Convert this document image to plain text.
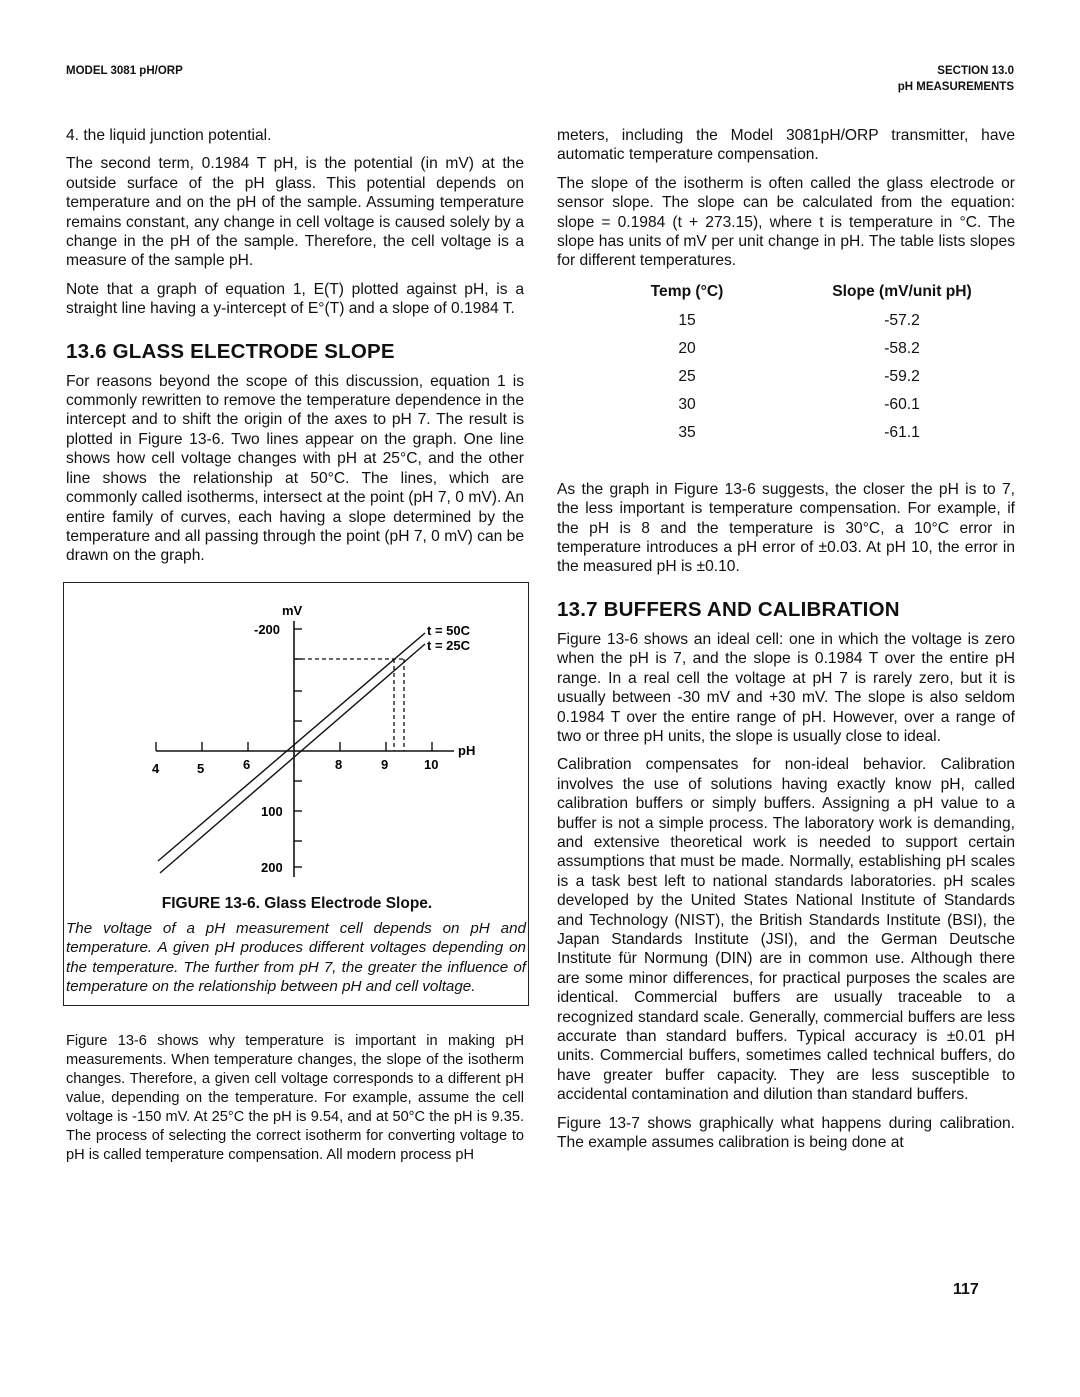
MODEL 3081 pH/ORP	SECTION 13.0
pH MEASUREMENTS

4. the liquid junction potential.

The second term, 0.1984 T pH, is the potential (in mV) at the outside surface of the pH glass. This potential depends on temperature and on the pH of the sample. Assuming temperature remains constant, any change in cell voltage is caused solely by a change in the pH of the sample. Therefore, the cell voltage is a measure of the sample pH.

Note that a graph of equation 1, E(T) plotted against pH, is a straight line having a y-intercept of E°(T) and a slope of 0.1984 T.

13.6 GLASS ELECTRODE SLOPE

For reasons beyond the scope of this discussion, equation 1 is commonly rewritten to remove the temperature dependence in the intercept and to shift the origin of the axes to pH 7. The result is plotted in Figure 13-6. Two lines appear on the graph. One line shows how cell voltage changes with pH at 25°C, and the other line shows the relationship at 50°C. The lines, which are commonly called isotherms, intersect at the point (pH 7, 0 mV). An entire family of curves, each having a slope determined by the temperature and all passing through the point (pH 7, 0 mV) can be drawn on the graph.

mV
-200
100
200
pH
4	5	6	8	9	10
t = 50C
t = 25C
FIGURE 13-6. Glass Electrode Slope.
The voltage of a pH measurement cell depends on pH and temperature. A given pH produces different voltages depending on the temperature. The further from pH 7, the greater the influence of temperature on the relationship between pH and cell voltage.

Figure 13-6 shows why temperature is important in making pH measurements. When temperature changes, the slope of the isotherm changes. Therefore, a given cell voltage corresponds to a different pH value, depending on the temperature. For example, assume the cell voltage is -150 mV. At 25°C the pH is 9.54, and at 50°C the pH is 9.35. The process of selecting the correct isotherm for converting voltage to pH is called temperature compensation. All modern process pH

meters, including the Model 3081pH/ORP transmitter, have automatic temperature compensation.

The slope of the isotherm is often called the glass electrode or sensor slope. The slope can be calculated from the equation: slope = 0.1984 (t + 273.15), where t is temperature in °C. The slope has units of mV per unit change in pH. The table lists slopes for different temperatures.

Temp (°C)	Slope (mV/unit pH)
15	-57.2
20	-58.2
25	-59.2
30	-60.1
35	-61.1

As the graph in Figure 13-6 suggests, the closer the pH is to 7, the less important is temperature compensation. For example, if the pH is 8 and the temperature is 30°C, a 10°C error in temperature introduces a pH error of ±0.03. At pH 10, the error in the measured pH is ±0.10.

13.7 BUFFERS AND CALIBRATION

Figure 13-6 shows an ideal cell: one in which the voltage is zero when the pH is 7, and the slope is 0.1984 T over the entire pH range. In a real cell the voltage at pH 7 is rarely zero, but it is usually between -30 mV and +30 mV. The slope is also seldom 0.1984 T over the entire range of pH. However, over a range of two or three pH units, the slope is usually close to ideal.

Calibration compensates for non-ideal behavior. Calibration involves the use of solutions having exactly know pH, called calibration buffers or simply buffers. Assigning a pH value to a buffer is not a simple process. The laboratory work is demanding, and extensive theoretical work is needed to support certain assumptions that must be made. Normally, establishing pH scales is a task best left to national standards laboratories. pH scales developed by the United States National Institute of Standards and Technology (NIST), the British Standards Institute (BSI), the Japan Standards Institute (JSI), and the German Deutsche Institute für Normung (DIN) are in common use. Although there are some minor differences, for practical purposes the scales are identical. Commercial buffers are usually traceable to a recognized standard scale. Generally, commercial buffers are less accurate than standard buffers. Typical accuracy is ±0.01 pH units. Commercial buffers, sometimes called technical buffers, do have greater buffer capacity. They are less susceptible to accidental contamination and dilution than standard buffers.

Figure 13-7 shows graphically what happens during calibration. The example assumes calibration is being done at

117
